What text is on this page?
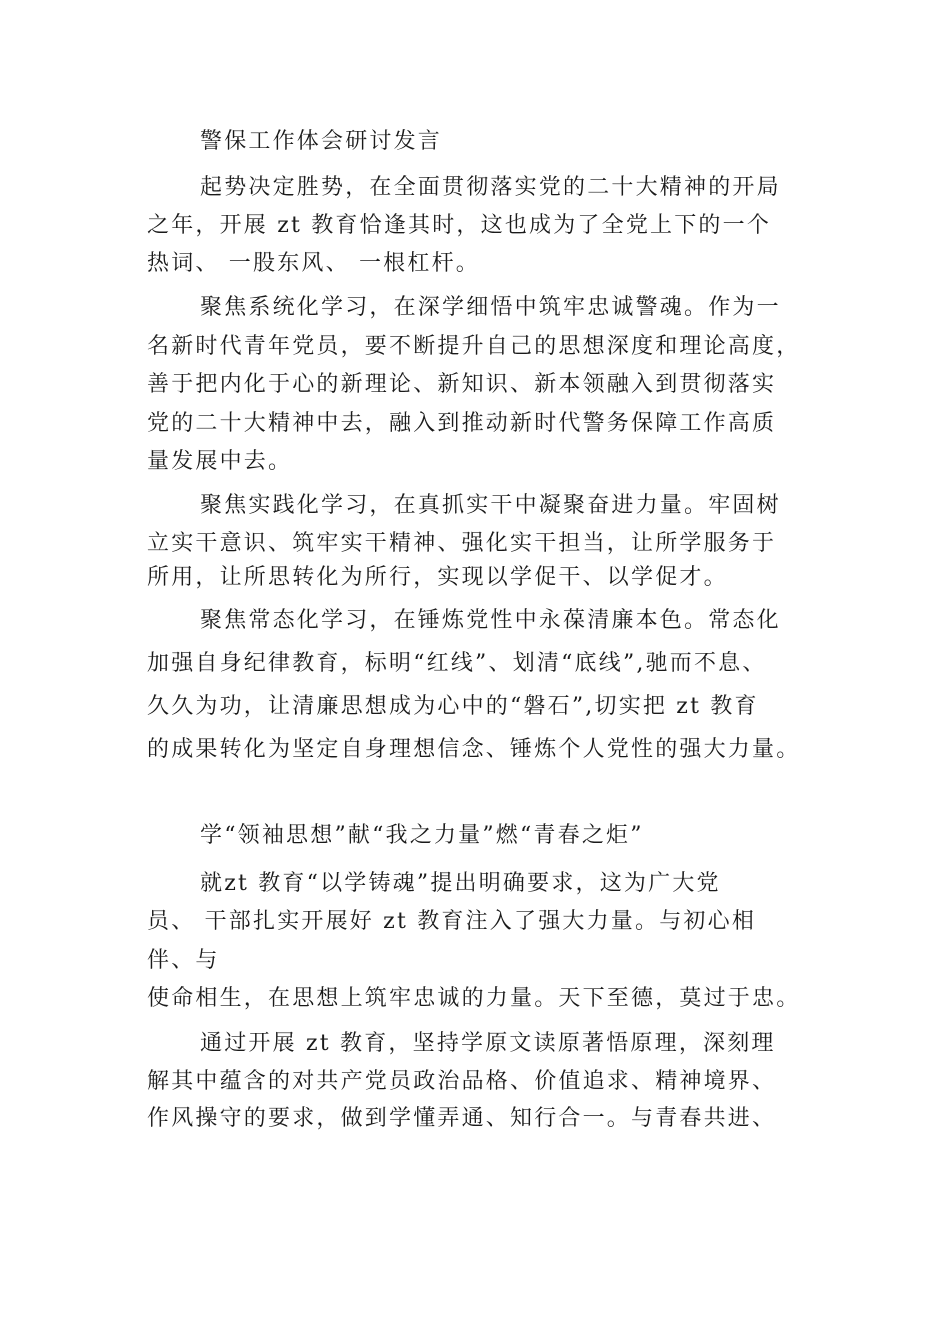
警保工作体会研讨发言
起势决定胜势，在全面贯彻落实党的二十大精神的开局
之年，开展 zt 教育恰逢其时，这也成为了全党上下的一个
热词、 一股东风、 一根杠杆。
聚焦系统化学习，在深学细悟中筑牢忠诚警魂。作为一
名新时代青年党员，要不断提升自己的思想深度和理论高度，
善于把内化于心的新理论、新知识、新本领融入到贯彻落实
党的二十大精神中去，融入到推动新时代警务保障工作高质
量发展中去。
聚焦实践化学习，在真抓实干中凝聚奋进力量。牢固树
立实干意识、筑牢实干精神、强化实干担当，让所学服务于
所用，让所思转化为所行，实现以学促干、以学促才。
聚焦常态化学习，在锤炼党性中永葆清廉本色。常态化
加强自身纪律教育，标明“红线”、划清“底线”,驰而不息、
久久为功，让清廉思想成为心中的“磐石”,切实把 zt 教育
的成果转化为坚定自身理想信念、锤炼个人党性的强大力量。
学“领袖思想”献“我之力量”燃“青春之炬”
就zt 教育“以学铸魂”提出明确要求，这为广大党
员、 干部扎实开展好 zt 教育注入了强大力量。与初心相
伴、与
使命相生，在思想上筑牢忠诚的力量。天下至德，莫过于忠。
通过开展 zt 教育，坚持学原文读原著悟原理，深刻理
解其中蕴含的对共产党员政治品格、价值追求、精神境界、
作风操守的要求，做到学懂弄通、知行合一。与青春共进、
